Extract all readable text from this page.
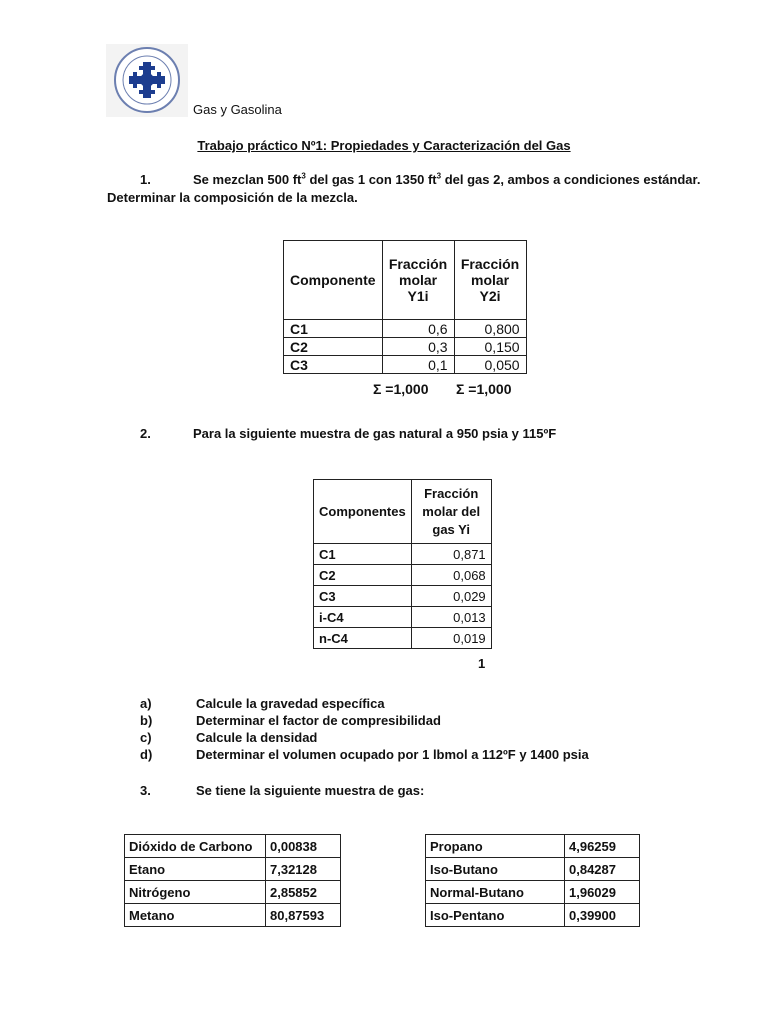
Gas y Gasolina
Trabajo práctico Nº1: Propiedades y Caracterización del Gas
1.	Se mezclan 500 $ft^3$ del gas 1 con 1350 $ft^3$ del gas 2, ambos a condiciones estándar.
Determinar la composición de la mezcla.
Componente	Fracción molar Y1i	Fracción molar Y2i
C1	0,6	0,800
C2	0,3	0,150
C3	0,1	0,050
Σ =1,000 Σ =1,000
2.	Para la siguiente muestra de gas natural a 950 psia y 115ºF
Componentes	Fracción molar del gas Yi
C1	0,871
C2	0,068
C3	0,029
i-C4	0,013
n-C4	0,019
1
a)	Calcule la gravedad específica
b)	Determinar el factor de compresibilidad
c)	Calcule la densidad
d)	Determinar el volumen ocupado por 1 lbmol a 112ºF y 1400 psia
3.	Se tiene la siguiente muestra de gas:
Dióxido de Carbono	0,00838
Etano	7,32128
Nitrógeno	2,85852
Metano	80,87593
Propano	4,96259
Iso-Butano	0,84287
Normal-Butano	1,96029
Iso-Pentano	0,39900
